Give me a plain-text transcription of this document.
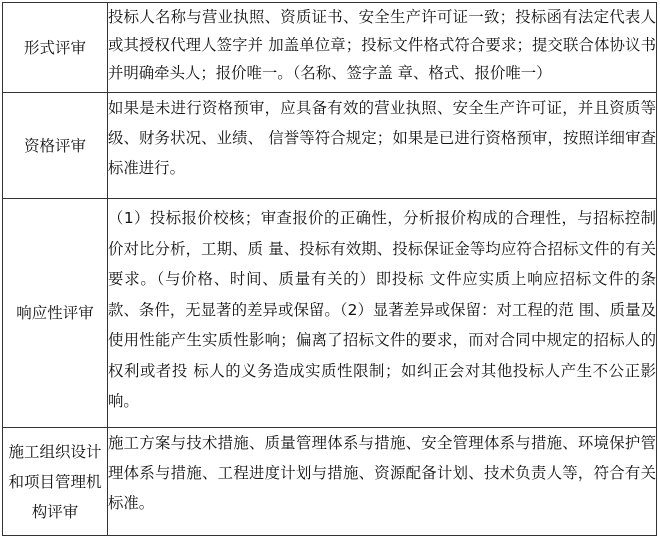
形式评审	投标人名称与营业执照、资质证书、安全生产许可证一致；投标函有法定代表人或其授权代理人签字并 加盖单位章；投标文件格式符合要求；提交联合体协议书并明确牵头人；报价唯一。（名称、签字盖 章、格式、报价唯一）
资格评审	如果是未进行资格预审，应具备有效的营业执照、安全生产许可证，并且资质等级、财务状况、业绩、 信誉等符合规定；如果是已进行资格预审，按照详细审查标准进行。
响应性评审	（1）投标报价校核；审查报价的正确性，分析报价构成的合理性，与招标控制价对比分析，工期、质 量、投标有效期、投标保证金等均应符合招标文件的有关要求。（与价格、时间、质量有关的）即投标 文件应实质上响应招标文件的条款、条件，无显著的差异或保留。（2）显著差异或保留：对工程的范 围、质量及使用性能产生实质性影响；偏离了招标文件的要求，而对合同中规定的招标人的权利或者投 标人的义务造成实质性限制；如纠正会对其他投标人产生不公正影响。
施工组织设计和项目管理机构评审	施工方案与技术措施、质量管理体系与措施、安全管理体系与措施、环境保护管理体系与措施、工程进度计划与措施、资源配备计划、技术负责人等，符合有关标准。
